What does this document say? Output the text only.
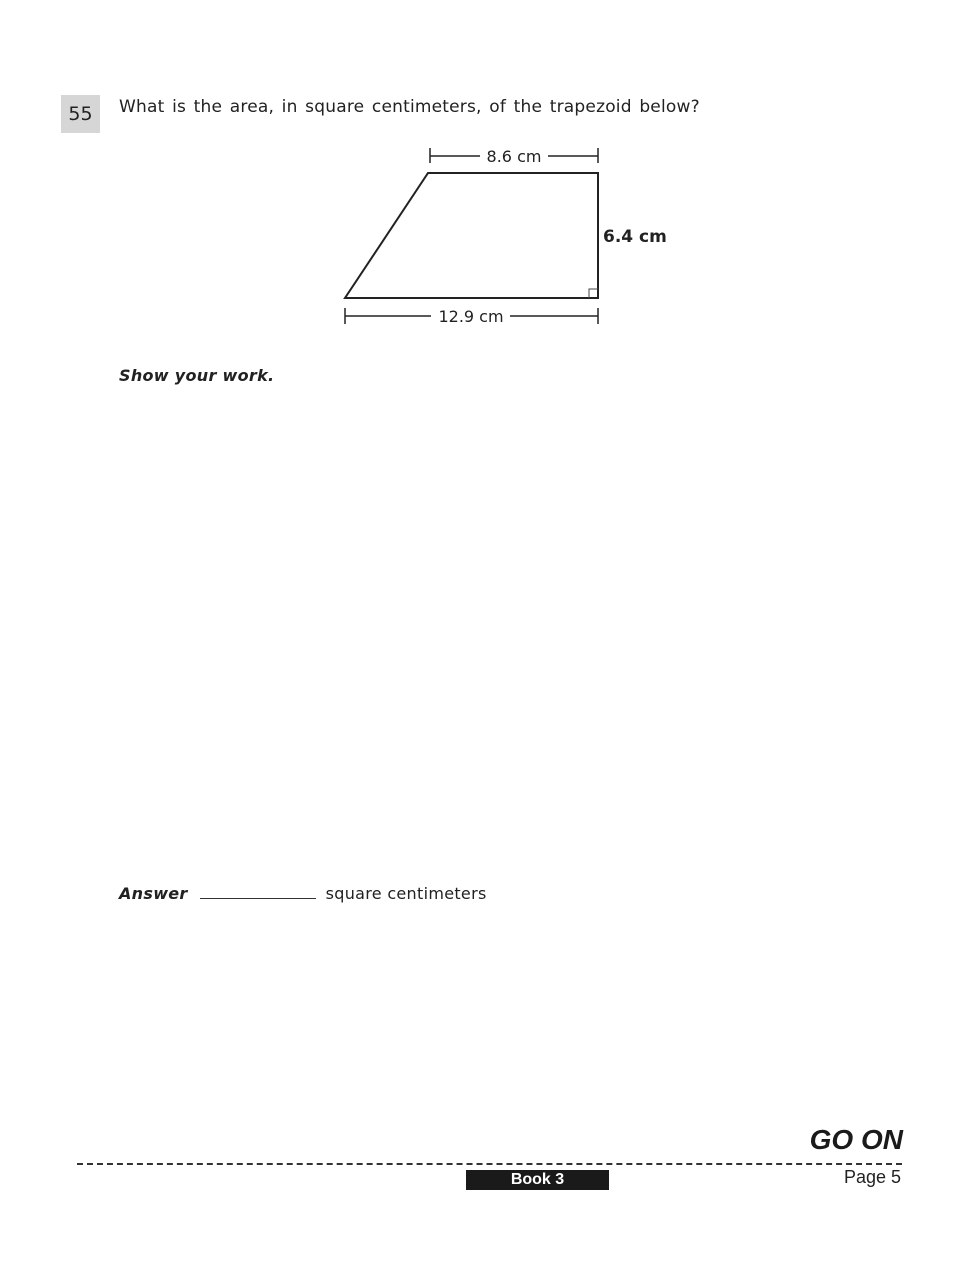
55	What is the area, in square centimeters, of the trapezoid below?
8.6 cm
6.4 cm
12.9 cm
Show your work.
Answer	square centimeters
GO ON
Book 3	Page 5
